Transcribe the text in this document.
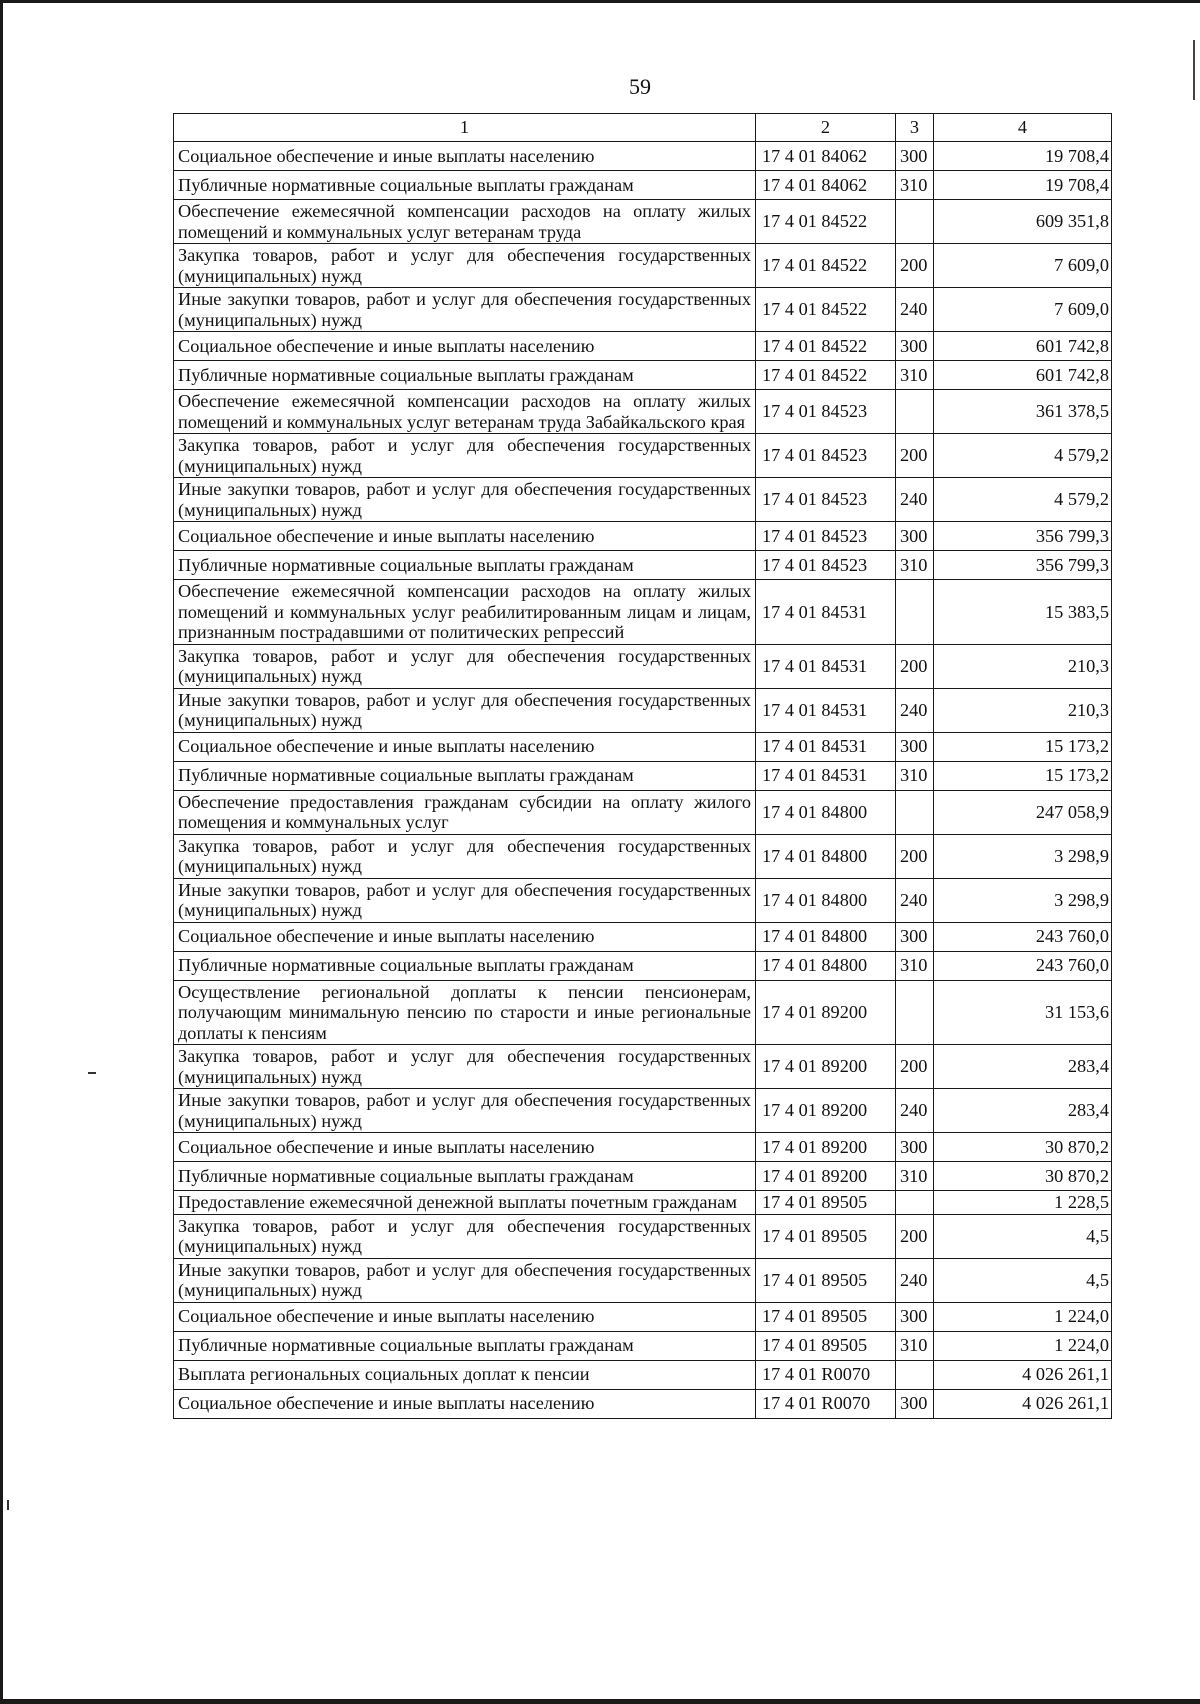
59
1	2	3	4
Социальное обеспечение и иные выплаты населению	17 4 01 84062	300	19 708,4
Публичные нормативные социальные выплаты гражданам	17 4 01 84062	310	19 708,4
Обеспечение ежемесячной компенсации расходов на оплату жилых помещений и коммунальных услуг ветеранам труда	17 4 01 84522		609 351,8
Закупка товаров, работ и услуг для обеспечения государственных (муниципальных) нужд	17 4 01 84522	200	7 609,0
Иные закупки товаров, работ и услуг для обеспечения государственных (муниципальных) нужд	17 4 01 84522	240	7 609,0
Социальное обеспечение и иные выплаты населению	17 4 01 84522	300	601 742,8
Публичные нормативные социальные выплаты гражданам	17 4 01 84522	310	601 742,8
Обеспечение ежемесячной компенсации расходов на оплату жилых помещений и коммунальных услуг ветеранам труда Забайкальского края	17 4 01 84523		361 378,5
Закупка товаров, работ и услуг для обеспечения государственных (муниципальных) нужд	17 4 01 84523	200	4 579,2
Иные закупки товаров, работ и услуг для обеспечения государственных (муниципальных) нужд	17 4 01 84523	240	4 579,2
Социальное обеспечение и иные выплаты населению	17 4 01 84523	300	356 799,3
Публичные нормативные социальные выплаты гражданам	17 4 01 84523	310	356 799,3
Обеспечение ежемесячной компенсации расходов на оплату жилых помещений и коммунальных услуг реабилитированным лицам и лицам, признанным пострадавшими от политических репрессий	17 4 01 84531		15 383,5
Закупка товаров, работ и услуг для обеспечения государственных (муниципальных) нужд	17 4 01 84531	200	210,3
Иные закупки товаров, работ и услуг для обеспечения государственных (муниципальных) нужд	17 4 01 84531	240	210,3
Социальное обеспечение и иные выплаты населению	17 4 01 84531	300	15 173,2
Публичные нормативные социальные выплаты гражданам	17 4 01 84531	310	15 173,2
Обеспечение предоставления гражданам субсидии на оплату жилого помещения и коммунальных услуг	17 4 01 84800		247 058,9
Закупка товаров, работ и услуг для обеспечения государственных (муниципальных) нужд	17 4 01 84800	200	3 298,9
Иные закупки товаров, работ и услуг для обеспечения государственных (муниципальных) нужд	17 4 01 84800	240	3 298,9
Социальное обеспечение и иные выплаты населению	17 4 01 84800	300	243 760,0
Публичные нормативные социальные выплаты гражданам	17 4 01 84800	310	243 760,0
Осуществление региональной доплаты к пенсии пенсионерам, получающим минимальную пенсию по старости и иные региональные доплаты к пенсиям	17 4 01 89200		31 153,6
Закупка товаров, работ и услуг для обеспечения государственных (муниципальных) нужд	17 4 01 89200	200	283,4
Иные закупки товаров, работ и услуг для обеспечения государственных (муниципальных) нужд	17 4 01 89200	240	283,4
Социальное обеспечение и иные выплаты населению	17 4 01 89200	300	30 870,2
Публичные нормативные социальные выплаты гражданам	17 4 01 89200	310	30 870,2
Предоставление ежемесячной денежной выплаты почетным гражданам	17 4 01 89505		1 228,5
Закупка товаров, работ и услуг для обеспечения государственных (муниципальных) нужд	17 4 01 89505	200	4,5
Иные закупки товаров, работ и услуг для обеспечения государственных (муниципальных) нужд	17 4 01 89505	240	4,5
Социальное обеспечение и иные выплаты населению	17 4 01 89505	300	1 224,0
Публичные нормативные социальные выплаты гражданам	17 4 01 89505	310	1 224,0
Выплата региональных социальных доплат к пенсии	17 4 01 R0070		4 026 261,1
Социальное обеспечение и иные выплаты населению	17 4 01 R0070	300	4 026 261,1
